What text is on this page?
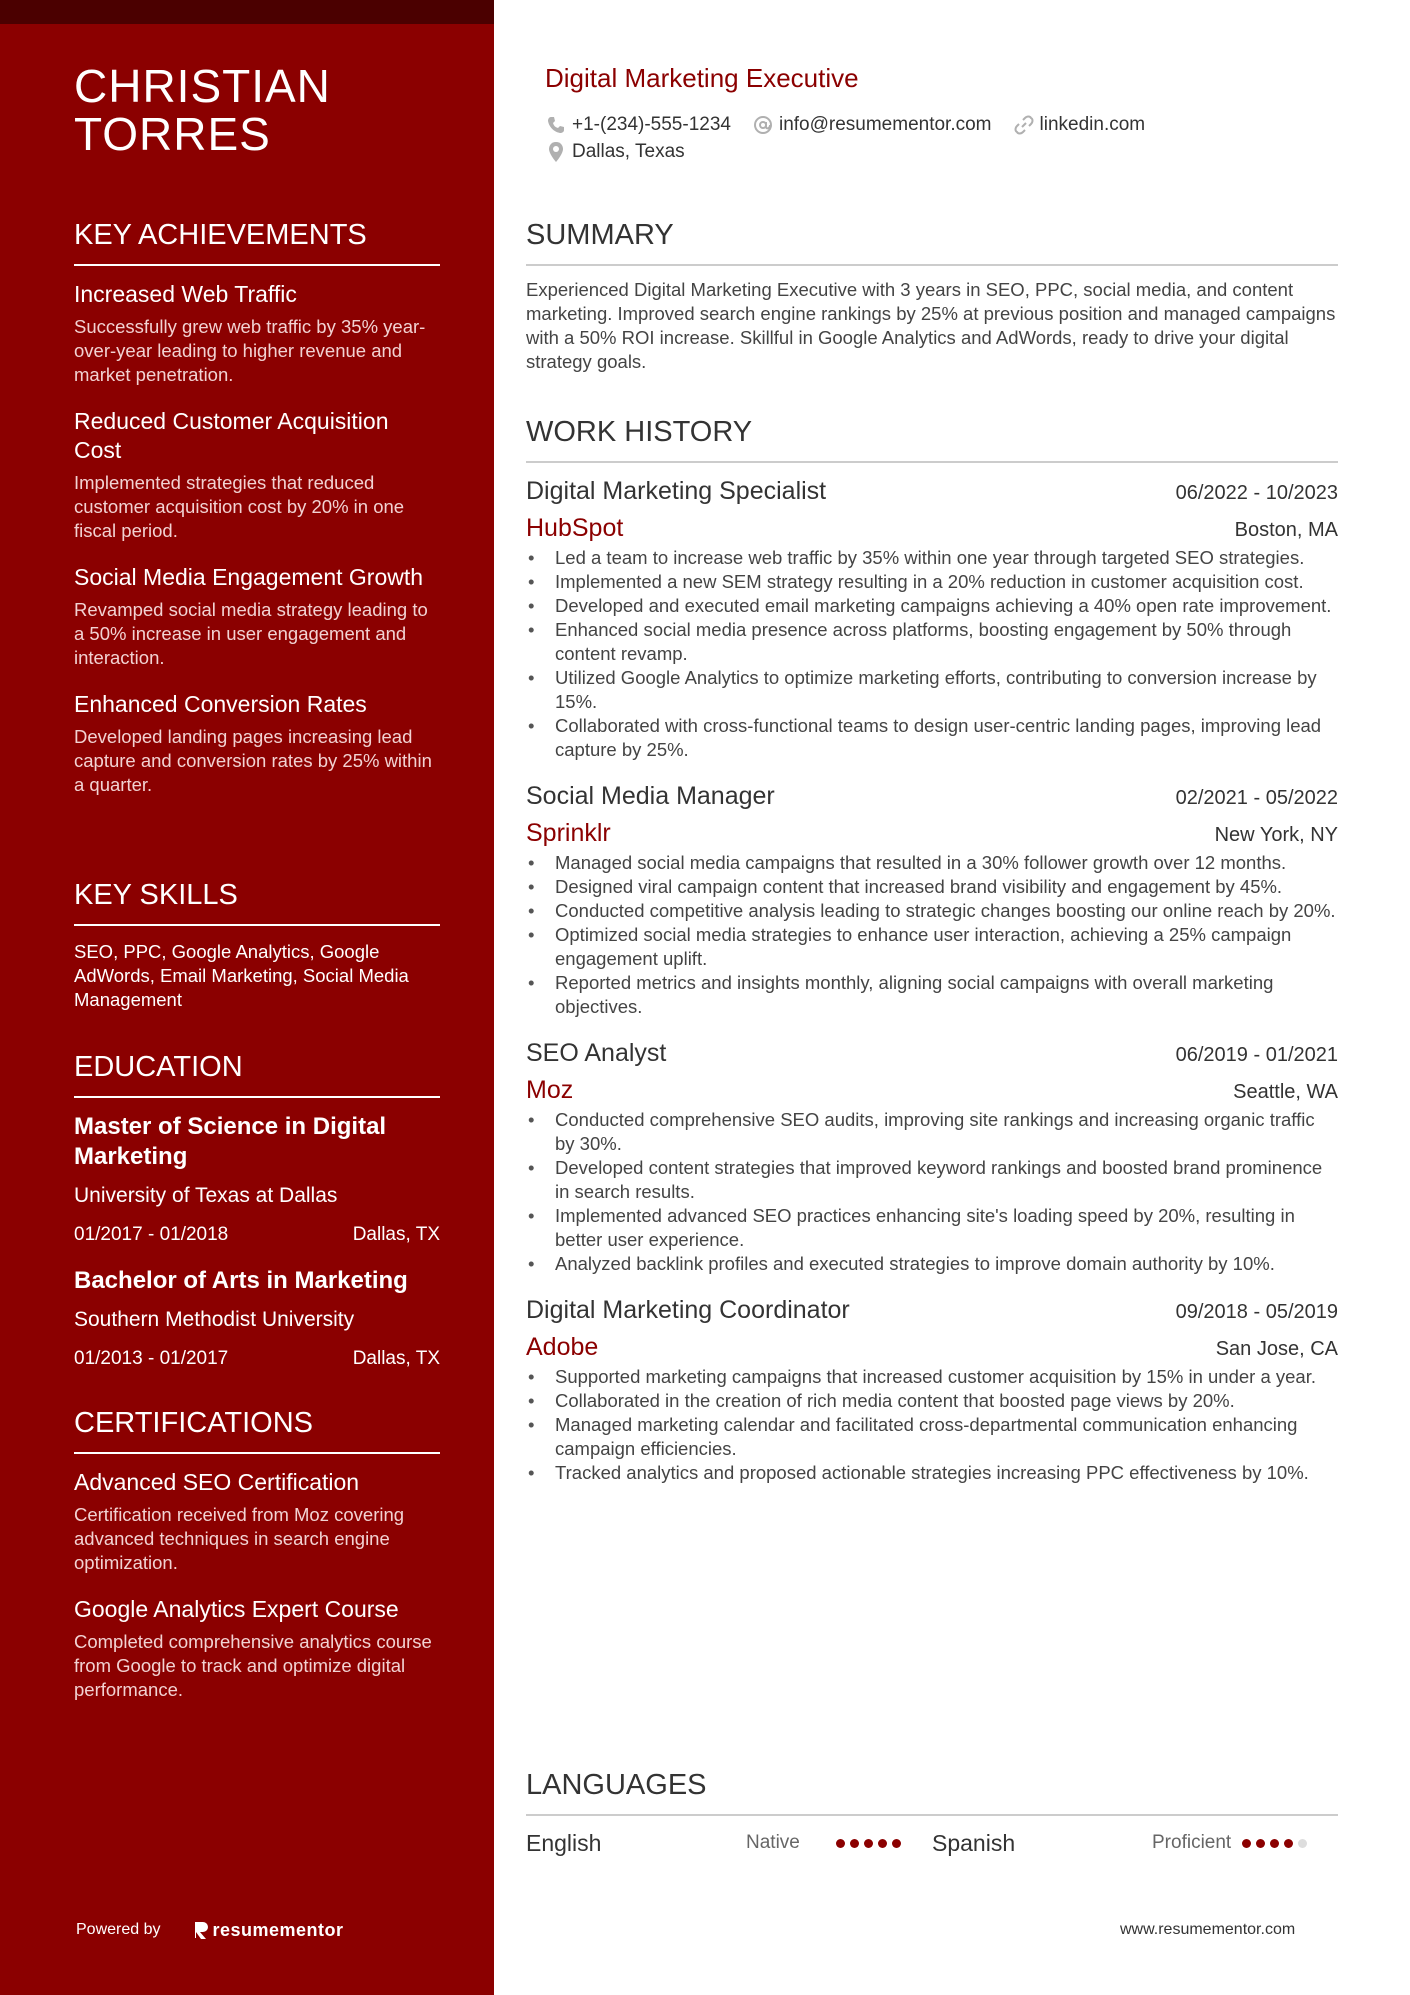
CHRISTIAN
TORRES
KEY ACHIEVEMENTS
Increased Web Traffic
Successfully grew web traffic by 35% year-over-year leading to higher revenue and market penetration.
Reduced Customer Acquisition Cost
Implemented strategies that reduced customer acquisition cost by 20% in one fiscal period.
Social Media Engagement Growth
Revamped social media strategy leading to a 50% increase in user engagement and interaction.
Enhanced Conversion Rates
Developed landing pages increasing lead capture and conversion rates by 25% within a quarter.
KEY SKILLS
SEO, PPC, Google Analytics, Google AdWords, Email Marketing, Social Media Management
EDUCATION
Master of Science in Digital Marketing
University of Texas at Dallas
01/2017 - 01/2018	Dallas, TX
Bachelor of Arts in Marketing
Southern Methodist University
01/2013 - 01/2017	Dallas, TX
CERTIFICATIONS
Advanced SEO Certification
Certification received from Moz covering advanced techniques in search engine optimization.
Google Analytics Expert Course
Completed comprehensive analytics course from Google to track and optimize digital performance.
Powered by	resumementor
Digital Marketing Executive
+1-(234)-555-1234	info@resumementor.com	linkedin.com
Dallas, Texas
SUMMARY
Experienced Digital Marketing Executive with 3 years in SEO, PPC, social media, and content marketing. Improved search engine rankings by 25% at previous position and managed campaigns with a 50% ROI increase. Skillful in Google Analytics and AdWords, ready to drive your digital strategy goals.
WORK HISTORY
Digital Marketing Specialist	06/2022 - 10/2023
HubSpot	Boston, MA
• Led a team to increase web traffic by 35% within one year through targeted SEO strategies.
• Implemented a new SEM strategy resulting in a 20% reduction in customer acquisition cost.
• Developed and executed email marketing campaigns achieving a 40% open rate improvement.
• Enhanced social media presence across platforms, boosting engagement by 50% through content revamp.
• Utilized Google Analytics to optimize marketing efforts, contributing to conversion increase by 15%.
• Collaborated with cross-functional teams to design user-centric landing pages, improving lead capture by 25%.
Social Media Manager	02/2021 - 05/2022
Sprinklr	New York, NY
• Managed social media campaigns that resulted in a 30% follower growth over 12 months.
• Designed viral campaign content that increased brand visibility and engagement by 45%.
• Conducted competitive analysis leading to strategic changes boosting our online reach by 20%.
• Optimized social media strategies to enhance user interaction, achieving a 25% campaign engagement uplift.
• Reported metrics and insights monthly, aligning social campaigns with overall marketing objectives.
SEO Analyst	06/2019 - 01/2021
Moz	Seattle, WA
• Conducted comprehensive SEO audits, improving site rankings and increasing organic traffic by 30%.
• Developed content strategies that improved keyword rankings and boosted brand prominence in search results.
• Implemented advanced SEO practices enhancing site's loading speed by 20%, resulting in better user experience.
• Analyzed backlink profiles and executed strategies to improve domain authority by 10%.
Digital Marketing Coordinator	09/2018 - 05/2019
Adobe	San Jose, CA
• Supported marketing campaigns that increased customer acquisition by 15% in under a year.
• Collaborated in the creation of rich media content that boosted page views by 20%.
• Managed marketing calendar and facilitated cross-departmental communication enhancing campaign efficiencies.
• Tracked analytics and proposed actionable strategies increasing PPC effectiveness by 10%.
LANGUAGES
English	Native	Spanish	Proficient
www.resumementor.com
